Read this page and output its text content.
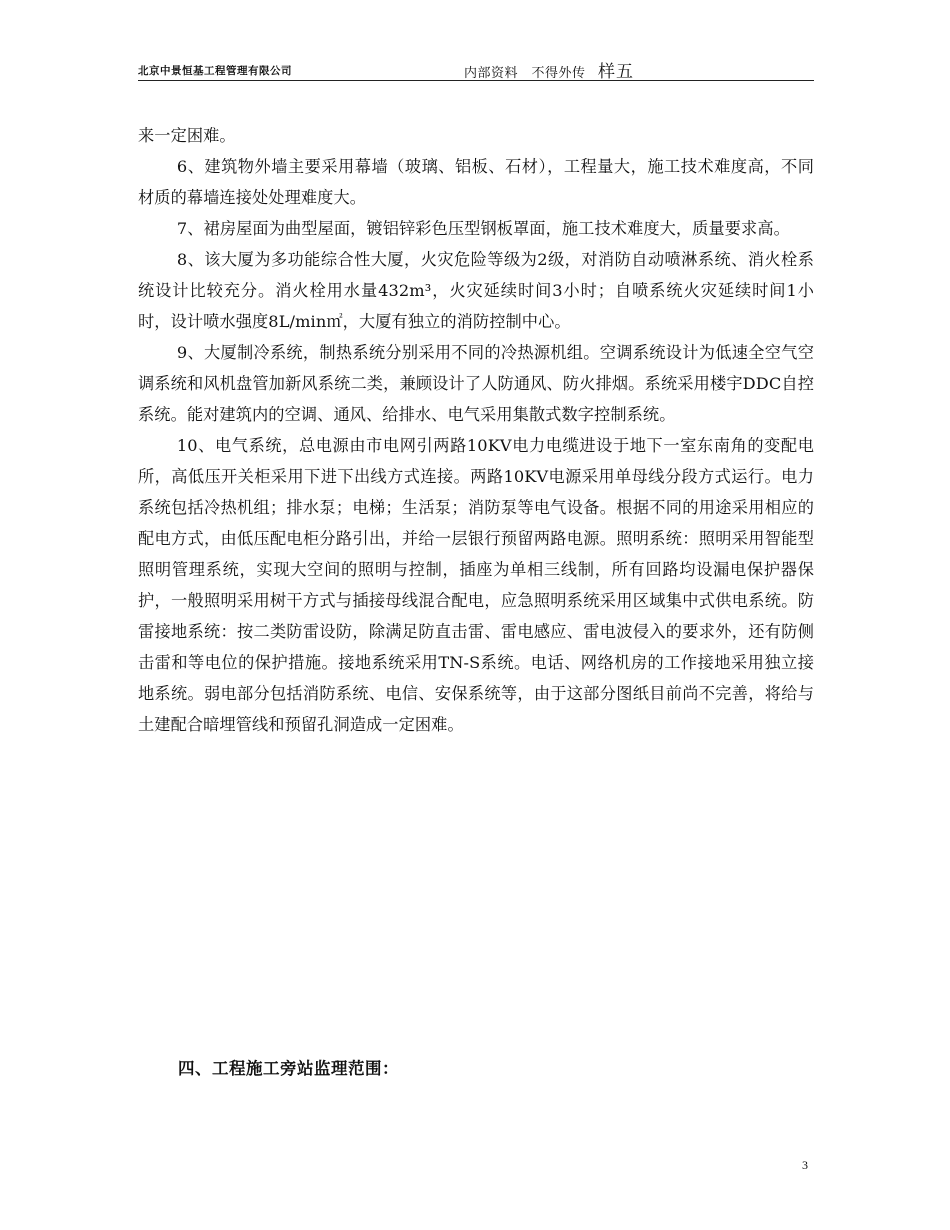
北京中景恒基工程管理有限公司	内部资料　不得外传 样五

来一定困难。

6、建筑物外墙主要采用幕墙（玻璃、铝板、石材），工程量大，施工技术难度高，不同材质的幕墙连接处处理难度大。

7、裙房屋面为曲型屋面，镀铝锌彩色压型钢板罩面，施工技术难度大，质量要求高。

8、该大厦为多功能综合性大厦，火灾危险等级为2级，对消防自动喷淋系统、消火栓系统设计比较充分。消火栓用水量432m³，火灾延续时间3小时；自喷系统火灾延续时间1小时，设计喷水强度8L/min㎡，大厦有独立的消防控制中心。

9、大厦制冷系统，制热系统分别采用不同的冷热源机组。空调系统设计为低速全空气空调系统和风机盘管加新风系统二类，兼顾设计了人防通风、防火排烟。系统采用楼宇DDC自控系统。能对建筑内的空调、通风、给排水、电气采用集散式数字控制系统。

10、电气系统，总电源由市电网引两路10KV电力电缆进设于地下一室东南角的变配电所，高低压开关柜采用下进下出线方式连接。两路10KV电源采用单母线分段方式运行。电力系统包括冷热机组；排水泵；电梯；生活泵；消防泵等电气设备。根据不同的用途采用相应的配电方式，由低压配电柜分路引出，并给一层银行预留两路电源。照明系统：照明采用智能型照明管理系统，实现大空间的照明与控制，插座为单相三线制，所有回路均设漏电保护器保护，一般照明采用树干方式与插接母线混合配电，应急照明系统采用区域集中式供电系统。防雷接地系统：按二类防雷设防，除满足防直击雷、雷电感应、雷电波侵入的要求外，还有防侧击雷和等电位的保护措施。接地系统采用TN-S系统。电话、网络机房的工作接地采用独立接地系统。弱电部分包括消防系统、电信、安保系统等，由于这部分图纸目前尚不完善，将给与土建配合暗埋管线和预留孔洞造成一定困难。

四、工程施工旁站监理范围：
3
